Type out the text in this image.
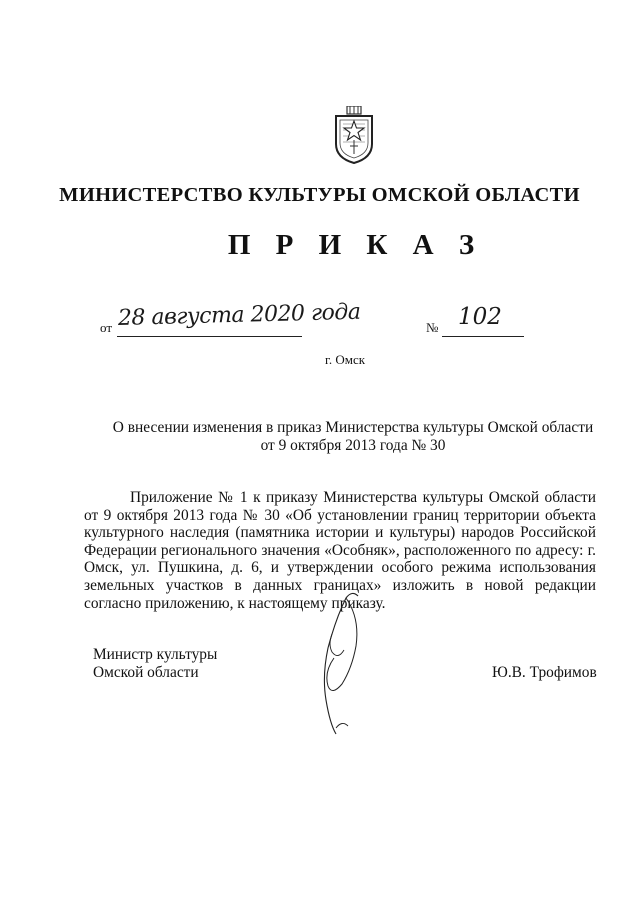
МИНИСТЕРСТВО КУЛЬТУРЫ ОМСКОЙ ОБЛАСТИ
П Р И К А З
от 28 августа 2020 года	№ 102
г. Омск
О внесении изменения в приказ Министерства культуры Омской области
от 9 октября 2013 года № 30
Приложение № 1 к приказу Министерства культуры Омской области от 9 октября 2013 года № 30 «Об установлении границ территории объекта культурного наследия (памятника истории и культуры) народов Российской Федерации регионального значения «Особняк», расположенного по адресу: г. Омск, ул. Пушкина, д. 6, и утверждении особого режима использования земельных участков в данных границах» изложить в новой редакции согласно приложению, к настоящему приказу.
Министр культуры
Омской области	Ю.В. Трофимов
